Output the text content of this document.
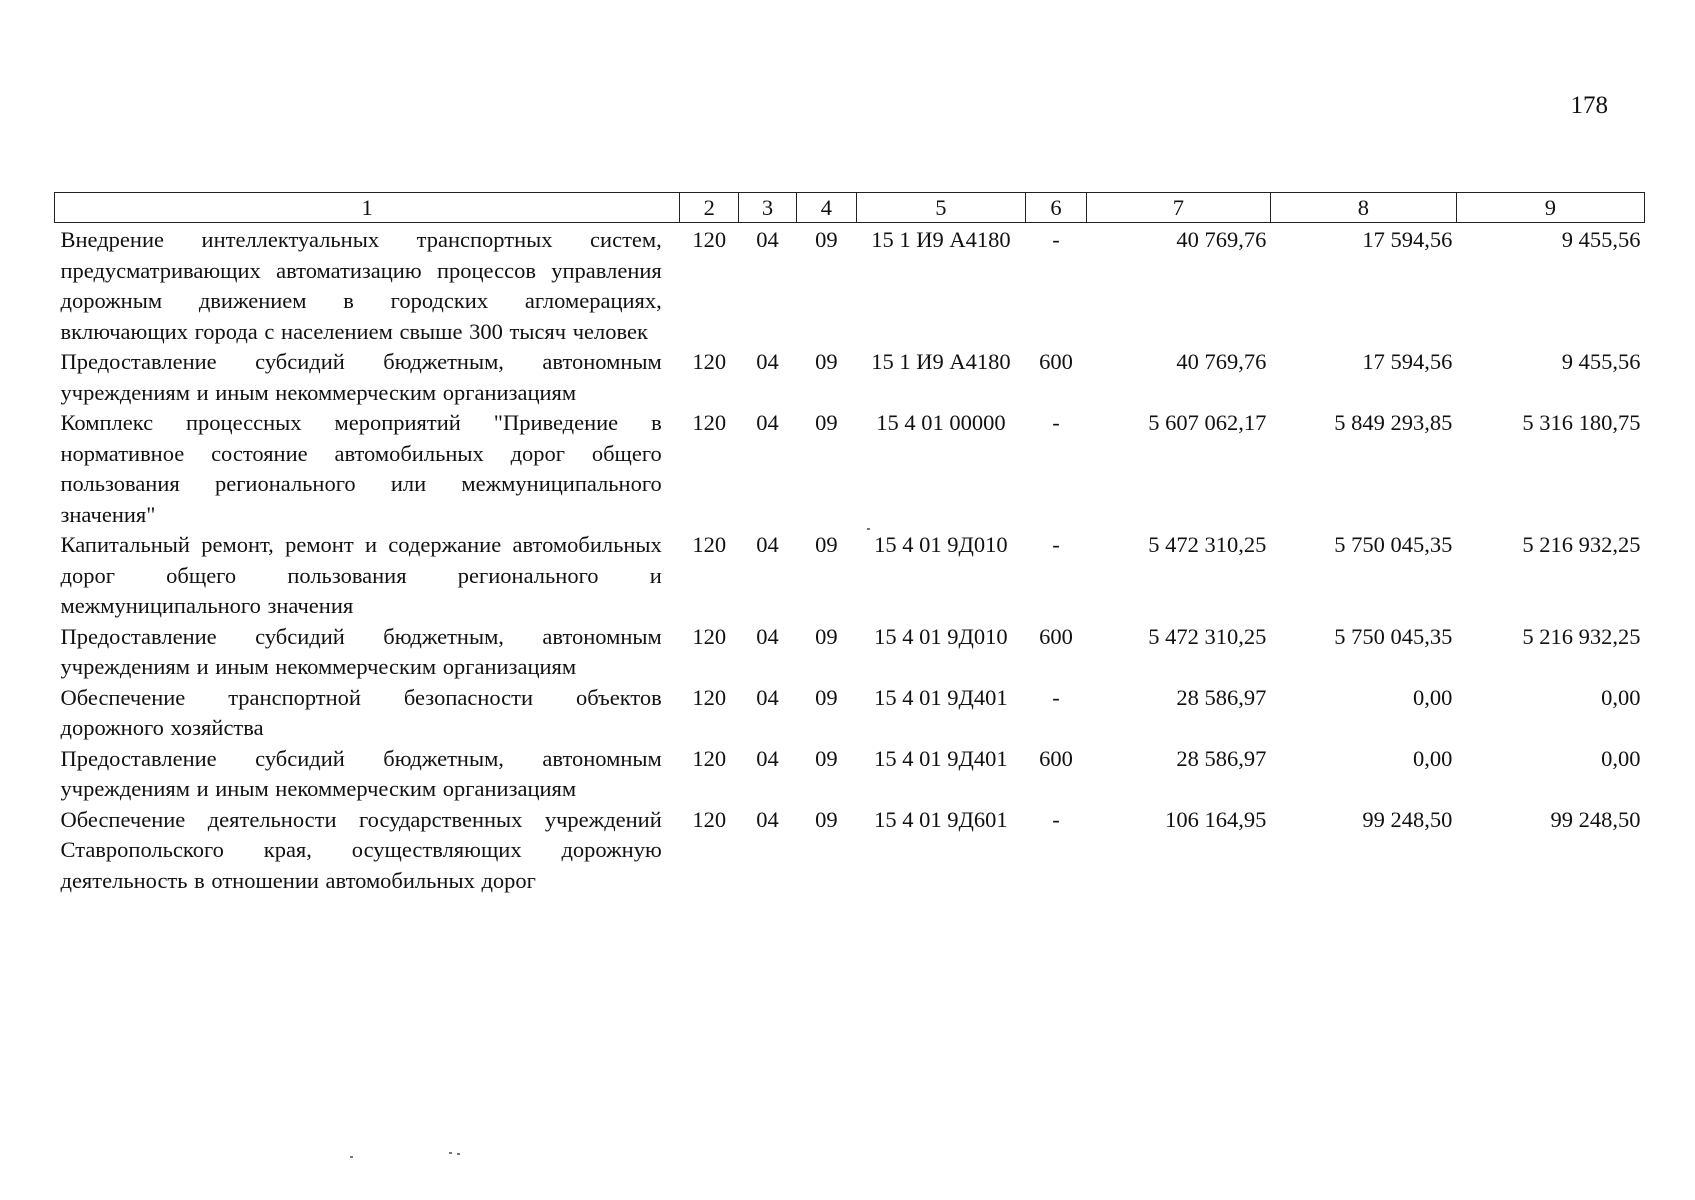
178
1	2	3	4	5	6	7	8	9
Внедрение интеллектуальных транспортных систем, предусматривающих автоматизацию процессов управления дорожным движением в городских агломерациях, включающих города с населением свыше 300 тысяч человек	120	04	09	15 1 И9 А4180	-	40 769,76	17 594,56	9 455,56
Предоставление субсидий бюджетным, автономным учреждениям и иным некоммерческим организациям	120	04	09	15 1 И9 А4180	600	40 769,76	17 594,56	9 455,56
Комплекс процессных мероприятий "Приведение в нормативное состояние автомобильных дорог общего пользования регионального или межмуниципального значения"	120	04	09	15 4 01 00000	-	5 607 062,17	5 849 293,85	5 316 180,75
Капитальный ремонт, ремонт и содержание автомобильных дорог общего пользования регионального и межмуниципального значения	120	04	09	15 4 01 9Д010	-	5 472 310,25	5 750 045,35	5 216 932,25
Предоставление субсидий бюджетным, автономным учреждениям и иным некоммерческим организациям	120	04	09	15 4 01 9Д010	600	5 472 310,25	5 750 045,35	5 216 932,25
Обеспечение транспортной безопасности объектов дорожного хозяйства	120	04	09	15 4 01 9Д401	-	28 586,97	0,00	0,00
Предоставление субсидий бюджетным, автономным учреждениям и иным некоммерческим организациям	120	04	09	15 4 01 9Д401	600	28 586,97	0,00	0,00
Обеспечение деятельности государственных учреждений Ставропольского края, осуществляющих дорожную деятельность в отношении автомобильных дорог	120	04	09	15 4 01 9Д601	-	106 164,95	99 248,50	99 248,50
